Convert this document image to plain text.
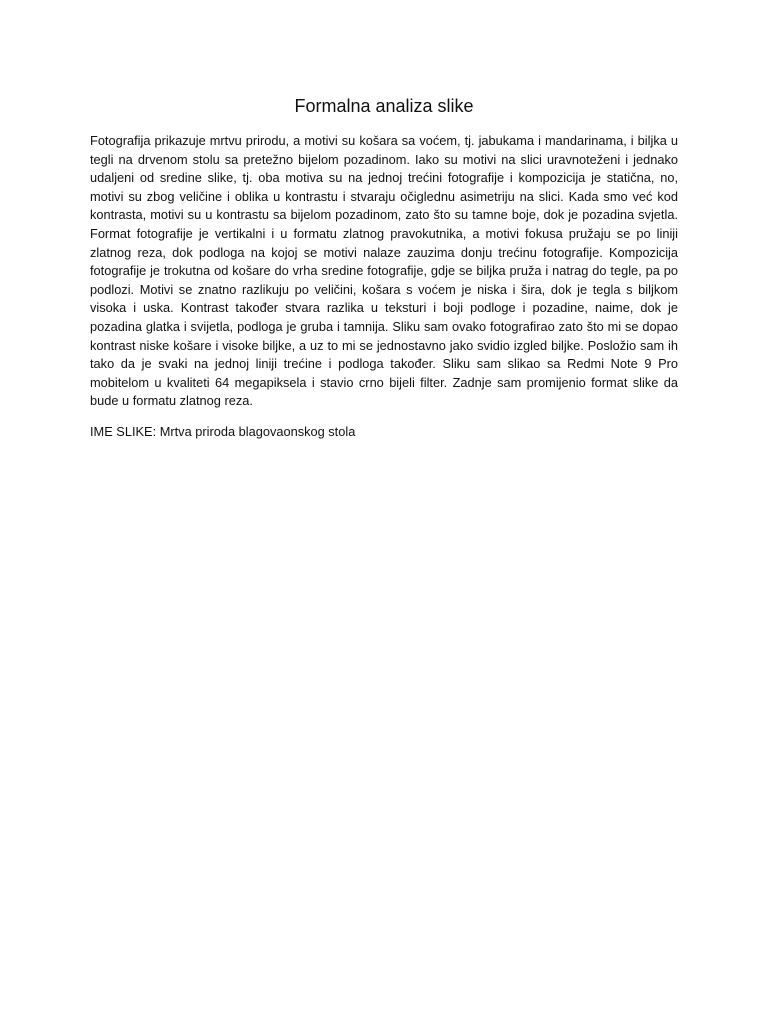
Formalna analiza slike

Fotografija prikazuje mrtvu prirodu, a motivi su košara sa voćem, tj. jabukama i mandarinama, i biljka u tegli na drvenom stolu sa pretežno bijelom pozadinom. Iako su motivi na slici uravnoteženi i jednako udaljeni od sredine slike, tj. oba motiva su na jednoj trećini fotografije i kompozicija je statična, no, motivi su zbog veličine i oblika u kontrastu i stvaraju očiglednu asimetriju na slici. Kada smo već kod kontrasta, motivi su u kontrastu sa bijelom pozadinom, zato što su tamne boje, dok je pozadina svjetla. Format fotografije je vertikalni i u formatu zlatnog pravokutnika, a motivi fokusa pružaju se po liniji zlatnog reza, dok podloga na kojoj se motivi nalaze zauzima donju trećinu fotografije. Kompozicija fotografije je trokutna od košare do vrha sredine fotografije, gdje se biljka pruža i natrag do tegle, pa po podlozi. Motivi se znatno razlikuju po veličini, košara s voćem je niska i šira, dok je tegla s biljkom visoka i uska. Kontrast također stvara razlika u teksturi i boji podloge i pozadine, naime, dok je pozadina glatka i svijetla, podloga je gruba i tamnija. Sliku sam ovako fotografirao zato što mi se dopao kontrast niske košare i visoke biljke, a uz to mi se jednostavno jako svidio izgled biljke. Posložio sam ih tako da je svaki na jednoj liniji trećine i podloga također. Sliku sam slikao sa Redmi Note 9 Pro mobitelom u kvaliteti 64 megapiksela i stavio crno bijeli filter. Zadnje sam promijenio format slike da bude u formatu zlatnog reza.

IME SLIKE: Mrtva priroda blagovaonskog stola
